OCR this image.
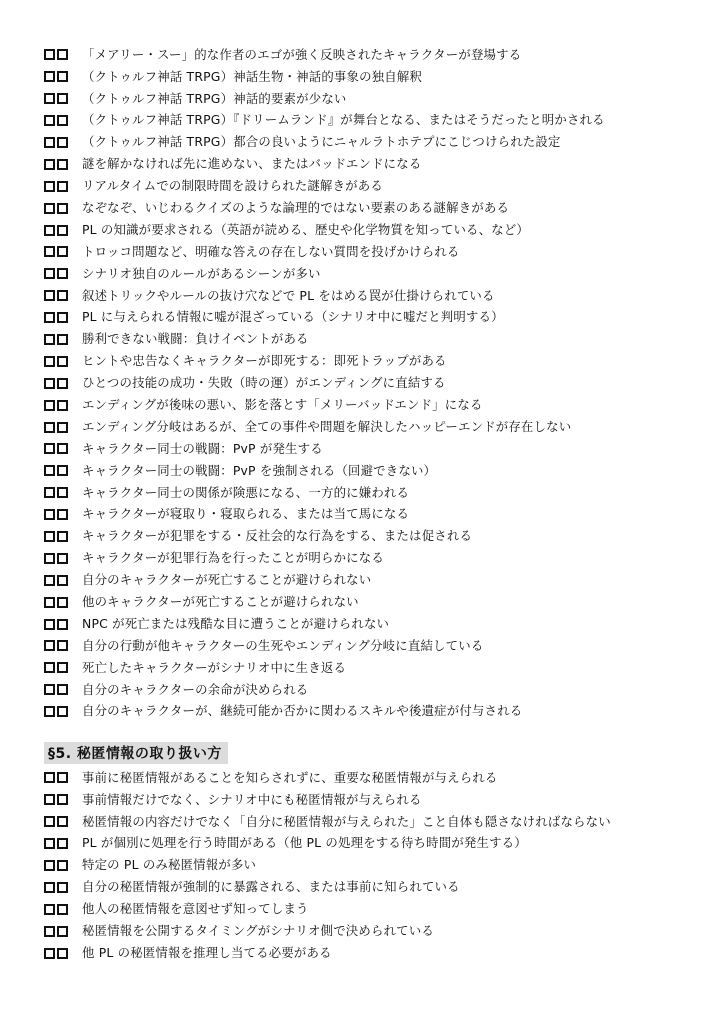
「メアリー・スー」的な作者のエゴが強く反映されたキャラクターが登場する
（クトゥルフ神話 TRPG）神話生物・神話的事象の独自解釈
（クトゥルフ神話 TRPG）神話的要素が少ない
（クトゥルフ神話 TRPG）『ドリームランド』が舞台となる、またはそうだったと明かされる
（クトゥルフ神話 TRPG）都合の良いようにニャルラトホテプにこじつけられた設定
謎を解かなければ先に進めない、またはバッドエンドになる
リアルタイムでの制限時間を設けられた謎解きがある
なぞなぞ、いじわるクイズのような論理的ではない要素のある謎解きがある
PL の知識が要求される（英語が読める、歴史や化学物質を知っている、など）
トロッコ問題など、明確な答えの存在しない質問を投げかけられる
シナリオ独自のルールがあるシーンが多い
叙述トリックやルールの抜け穴などで PL をはめる罠が仕掛けられている
PL に与えられる情報に嘘が混ざっている（シナリオ中に嘘だと判明する）
勝利できない戦闘：負けイベントがある
ヒントや忠告なくキャラクターが即死する：即死トラップがある
ひとつの技能の成功・失敗（時の運）がエンディングに直結する
エンディングが後味の悪い、影を落とす「メリーバッドエンド」になる
エンディング分岐はあるが、全ての事件や問題を解決したハッピーエンドが存在しない
キャラクター同士の戦闘：PvP が発生する
キャラクター同士の戦闘：PvP を強制される（回避できない）
キャラクター同士の関係が険悪になる、一方的に嫌われる
キャラクターが寝取り・寝取られる、または当て馬になる
キャラクターが犯罪をする・反社会的な行為をする、または促される
キャラクターが犯罪行為を行ったことが明らかになる
自分のキャラクターが死亡することが避けられない
他のキャラクターが死亡することが避けられない
NPC が死亡または残酷な目に遭うことが避けられない
自分の行動が他キャラクターの生死やエンディング分岐に直結している
死亡したキャラクターがシナリオ中に生き返る
自分のキャラクターの余命が決められる
自分のキャラクターが、継続可能か否かに関わるスキルや後遺症が付与される
§5. 秘匿情報の取り扱い方
事前に秘匿情報があることを知らされずに、重要な秘匿情報が与えられる
事前情報だけでなく、シナリオ中にも秘匿情報が与えられる
秘匿情報の内容だけでなく「自分に秘匿情報が与えられた」こと自体も隠さなければならない
PL が個別に処理を行う時間がある（他 PL の処理をする待ち時間が発生する）
特定の PL のみ秘匿情報が多い
自分の秘匿情報が強制的に暴露される、または事前に知られている
他人の秘匿情報を意図せず知ってしまう
秘匿情報を公開するタイミングがシナリオ側で決められている
他 PL の秘匿情報を推理し当てる必要がある
